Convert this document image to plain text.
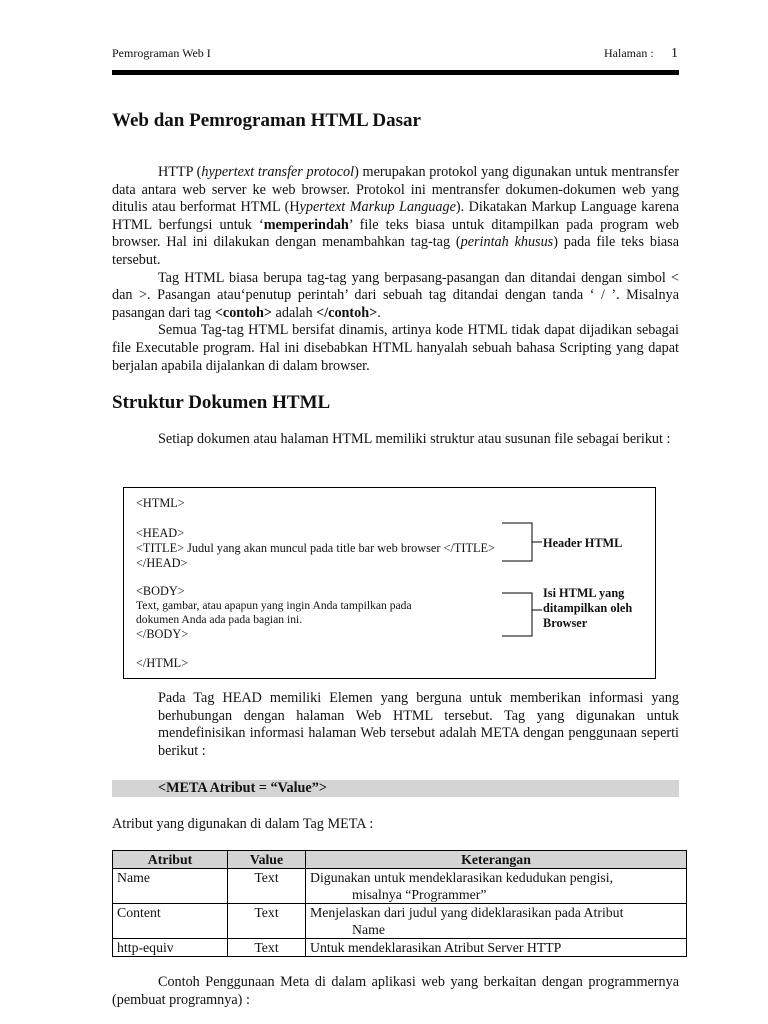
Pemrograman Web I	Halaman : 1
Web dan Pemrograman HTML Dasar

HTTP (hypertext transfer protocol) merupakan protokol yang digunakan untuk mentransfer data antara web server ke web browser. Protokol ini mentransfer dokumen-dokumen web yang ditulis atau berformat HTML (Hypertext Markup Language). Dikatakan Markup Language karena HTML berfungsi untuk ‘memperindah’ file teks biasa untuk ditampilkan pada program web browser. Hal ini dilakukan dengan menambahkan tag-tag (perintah khusus) pada file teks biasa tersebut.

Tag HTML biasa berupa tag-tag yang berpasang-pasangan dan ditandai dengan simbol < dan >. Pasangan atau‘penutup perintah’ dari sebuah tag ditandai dengan tanda ‘ / ’. Misalnya pasangan dari tag <contoh> adalah </contoh>.

Semua Tag-tag HTML bersifat dinamis, artinya kode HTML tidak dapat dijadikan sebagai file Executable program. Hal ini disebabkan HTML hanyalah sebuah bahasa Scripting yang dapat berjalan apabila dijalankan di dalam browser.

Struktur Dokumen HTML

Setiap dokumen atau halaman HTML memiliki struktur atau susunan file sebagai berikut :

<HTML>
<HEAD>
<TITLE> Judul yang akan muncul pada title bar web browser </TITLE>
</HEAD>
<BODY>
Text, gambar, atau apapun yang ingin Anda tampilkan pada
dokumen Anda ada pada bagian ini.
</BODY>
</HTML>
Header HTML
Isi HTML yang
ditampilkan oleh
Browser

Pada Tag HEAD memiliki Elemen yang berguna untuk memberikan informasi yang berhubungan dengan halaman Web HTML tersebut. Tag yang digunakan untuk mendefinisikan informasi halaman Web tersebut adalah META dengan penggunaan seperti berikut :

<META Atribut = “Value”>

Atribut yang digunakan di dalam Tag META :

Atribut	Value	Keterangan
Name	Text	Digunakan untuk mendeklarasikan kedudukan pengisi,
misalnya “Programmer”

Content	Text	Menjelaskan dari judul yang dideklarasikan pada Atribut
Name

http-equiv	Text	Untuk mendeklarasikan Atribut Server HTTP

Contoh Penggunaan Meta di dalam aplikasi web yang berkaitan dengan programmernya (pembuat programnya) :
